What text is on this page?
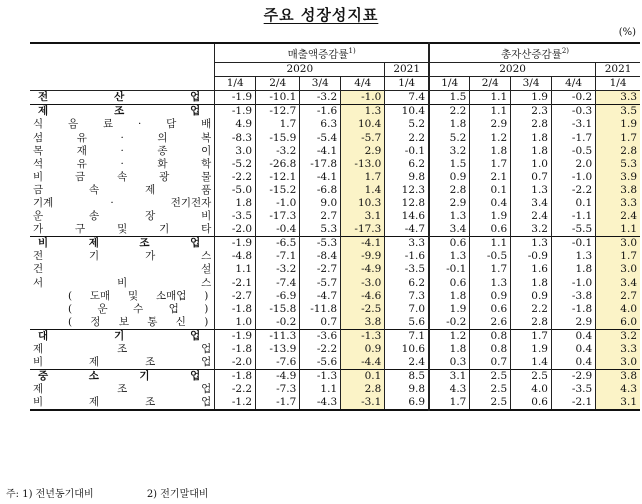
주요 성장성지표
(%)
	매출액증감률$^{1)}$					총자산증감률$^{2)}$
	2020				2021	2020				2021
	1/4	2/4	3/4	4/4	1/4	1/4	2/4	3/4	4/4	1/4
전 산 업	-1.9	-10.1	-3.2	-1.0	7.4	1.5	1.1	1.9	-0.2	3.3
제 조 업	-1.9	-12.7	-1.6	1.3	10.4	2.2	1.1	2.3	-0.3	3.5
식 음 료 · 담 배	4.9	1.7	6.3	10.4	5.2	1.8	2.9	2.8	-3.1	1.9
섬 유 · 의 복	-8.3	-15.9	-5.4	-5.7	2.2	5.2	1.2	1.8	-1.7	1.7
목 재 · 종 이	3.0	-3.2	-4.1	2.9	-0.1	3.2	1.8	1.8	-0.5	2.8
석 유 · 화 학	-5.2	-26.8	-17.8	-13.0	6.2	1.5	1.7	1.0	2.0	5.3
비 금 속 광 물	-2.2	-12.1	-4.1	1.7	9.8	0.9	2.1	0.7	-1.0	3.9
금 속 제 품	-5.0	-15.2	-6.8	1.4	12.3	2.8	0.1	1.3	-2.2	3.8
기계 · 전기전자	1.8	-1.0	9.0	10.3	12.8	2.9	0.4	3.4	0.1	3.3
운 송 장 비	-3.5	-17.3	2.7	3.1	14.6	1.3	1.9	2.4	-1.1	2.4
가 구 및 기 타	-2.0	-0.4	5.3	-17.3	-4.7	3.4	0.6	3.2	-5.5	1.1
비 제 조 업	-1.9	-6.5	-5.3	-4.1	3.3	0.6	1.1	1.3	-0.1	3.0
전 기 가 스	-4.8	-7.1	-8.4	-9.9	-1.6	1.3	-0.5	-0.9	1.3	1.7
건 설	1.1	-3.2	-2.7	-4.9	-3.5	-0.1	1.7	1.6	1.8	3.0
서 비 스	-2.1	-7.4	-5.7	-3.0	6.2	0.6	1.3	1.8	-1.0	3.4
( 도매 및 소매업 )	-2.7	-6.9	-4.7	-4.6	7.3	1.8	0.9	0.9	-3.8	2.7
( 운 수 업 )	-1.8	-15.8	-11.8	-2.5	7.0	1.9	0.6	2.2	-1.8	4.0
( 정 보 통 신 )	1.0	-0.2	0.7	3.8	5.6	-0.2	2.6	2.8	2.9	6.0
대 기 업	-1.9	-11.3	-3.6	-1.3	7.1	1.2	0.8	1.7	0.4	3.2
제 조 업	-1.8	-13.9	-2.2	0.9	10.6	1.8	0.8	1.9	0.4	3.3
비 제 조 업	-2.0	-7.6	-5.6	-4.4	2.4	0.3	0.7	1.4	0.4	3.0
중 소 기 업	-1.8	-4.9	-1.3	0.1	8.5	3.1	2.5	2.5	-2.9	3.8
제 조 업	-2.2	-7.3	1.1	2.8	9.8	4.3	2.5	4.0	-3.5	4.3
비 제 조 업	-1.2	-1.7	-4.3	-3.1	6.9	1.7	2.5	0.6	-2.1	3.1
주: 1) 전년동기대비	2) 전기말대비
